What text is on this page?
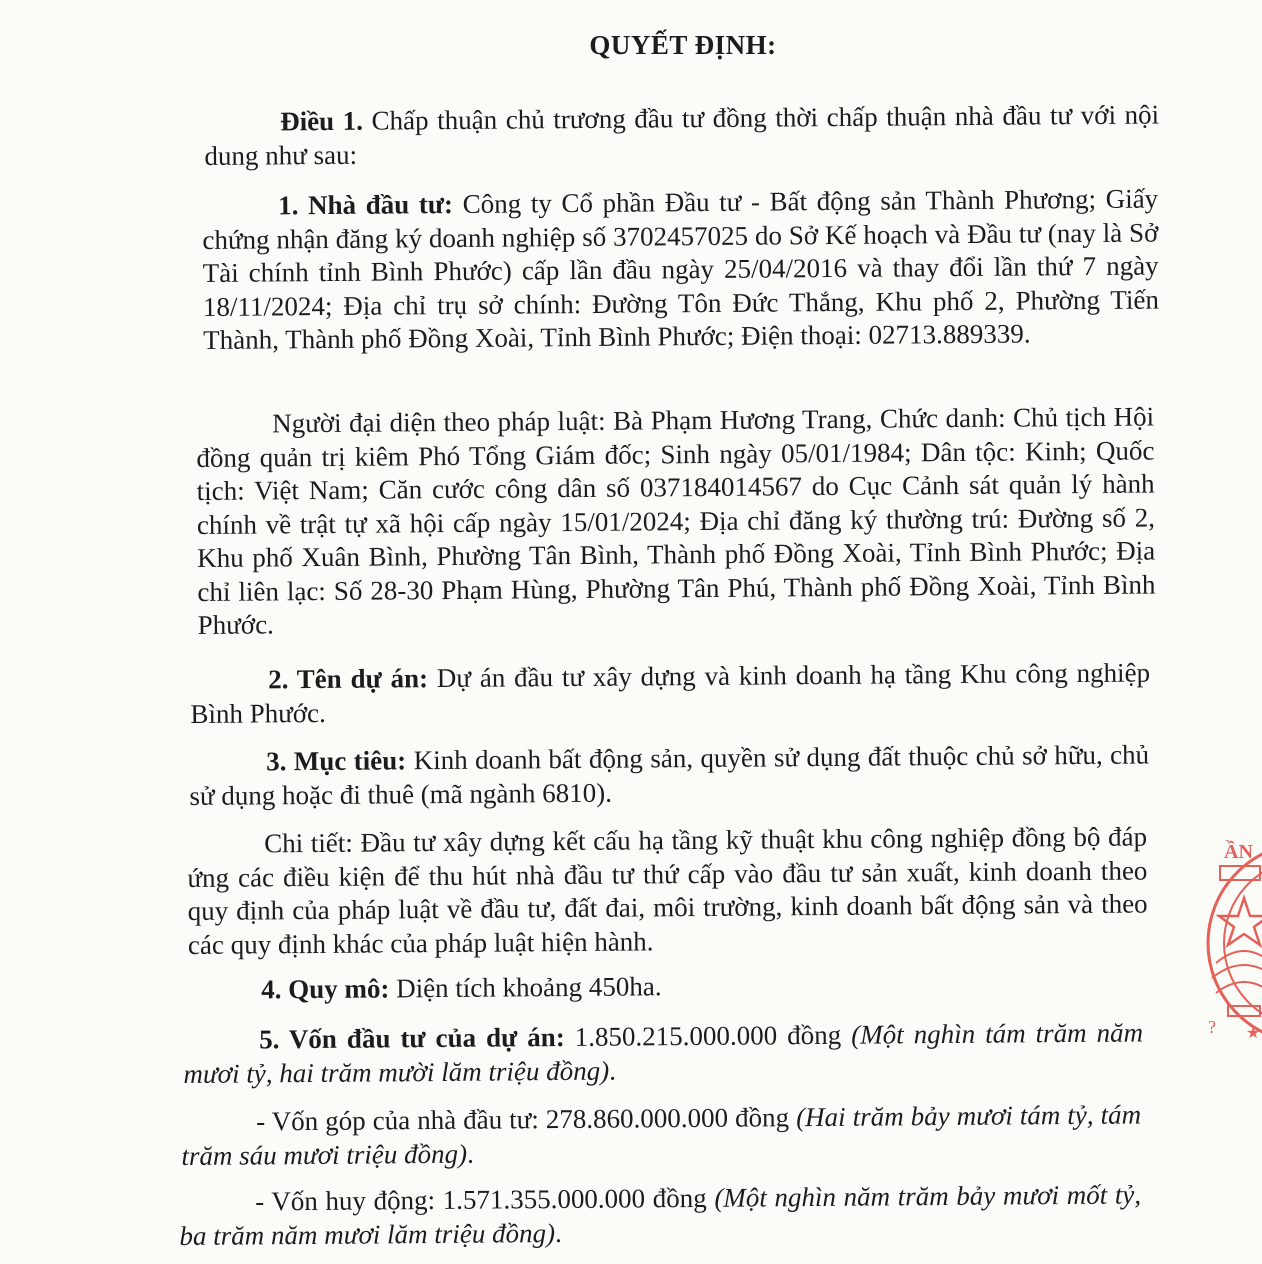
QUYẾT ĐỊNH:

Điều 1. Chấp thuận chủ trương đầu tư đồng thời chấp thuận nhà đầu tư với nội dung như sau:

1. Nhà đầu tư: Công ty Cổ phần Đầu tư - Bất động sản Thành Phương; Giấy chứng nhận đăng ký doanh nghiệp số 3702457025 do Sở Kế hoạch và Đầu tư (nay là Sở Tài chính tỉnh Bình Phước) cấp lần đầu ngày 25/04/2016 và thay đổi lần thứ 7 ngày 18/11/2024; Địa chỉ trụ sở chính: Đường Tôn Đức Thắng, Khu phố 2, Phường Tiến Thành, Thành phố Đồng Xoài, Tỉnh Bình Phước; Điện thoại: 02713.889339.

Người đại diện theo pháp luật: Bà Phạm Hương Trang, Chức danh: Chủ tịch Hội đồng quản trị kiêm Phó Tổng Giám đốc; Sinh ngày 05/01/1984; Dân tộc: Kinh; Quốc tịch: Việt Nam; Căn cước công dân số 037184014567 do Cục Cảnh sát quản lý hành chính về trật tự xã hội cấp ngày 15/01/2024; Địa chỉ đăng ký thường trú: Đường số 2, Khu phố Xuân Bình, Phường Tân Bình, Thành phố Đồng Xoài, Tỉnh Bình Phước; Địa chỉ liên lạc: Số 28-30 Phạm Hùng, Phường Tân Phú, Thành phố Đồng Xoài, Tỉnh Bình Phước.

2. Tên dự án: Dự án đầu tư xây dựng và kinh doanh hạ tầng Khu công nghiệp Bình Phước.

3. Mục tiêu: Kinh doanh bất động sản, quyền sử dụng đất thuộc chủ sở hữu, chủ sử dụng hoặc đi thuê (mã ngành 6810).

Chi tiết: Đầu tư xây dựng kết cấu hạ tầng kỹ thuật khu công nghiệp đồng bộ đáp ứng các điều kiện để thu hút nhà đầu tư thứ cấp vào đầu tư sản xuất, kinh doanh theo quy định của pháp luật về đầu tư, đất đai, môi trường, kinh doanh bất động sản và theo các quy định khác của pháp luật hiện hành.

4. Quy mô: Diện tích khoảng 450ha.

5. Vốn đầu tư của dự án: 1.850.215.000.000 đồng (Một nghìn tám trăm năm mươi tỷ, hai trăm mười lăm triệu đồng).

- Vốn góp của nhà đầu tư: 278.860.000.000 đồng (Hai trăm bảy mươi tám tỷ, tám trăm sáu mươi triệu đồng).

- Vốn huy động: 1.571.355.000.000 đồng (Một nghìn năm trăm bảy mươi mốt tỷ, ba trăm năm mươi lăm triệu đồng).

ẦN
? ★
